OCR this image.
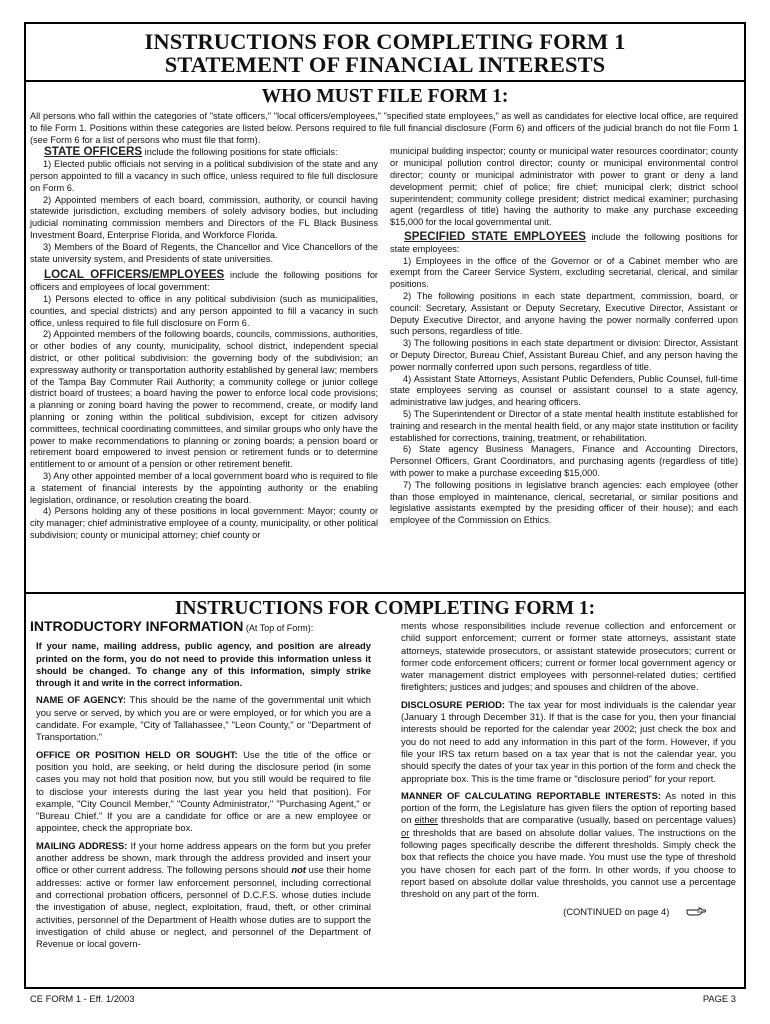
INSTRUCTIONS FOR COMPLETING FORM 1
STATEMENT OF FINANCIAL INTERESTS
WHO MUST FILE FORM 1:
All persons who fall within the categories of "state officers," "local officers/employees," "specified state employees," as well as candidates for elective local office, are required to file Form 1. Positions within these categories are listed below. Persons required to file full financial disclosure (Form 6) and officers of the judicial branch do not file Form 1 (see Form 6 for a list of persons who must file that form).

STATE OFFICERS include the following positions for state officials:

1) Elected public officials not serving in a political subdivision of the state and any person appointed to fill a vacancy in such office, unless required to file full disclosure on Form 6.

2) Appointed members of each board, commission, authority, or council having statewide jurisdiction, excluding members of solely advisory bodies, but including judicial nominating commission members and Directors of the FL Black Business Investment Board, Enterprise Florida, and Workforce Florida.

3) Members of the Board of Regents, the Chancellor and Vice Chancellors of the state university system, and Presidents of state universities.

LOCAL OFFICERS/EMPLOYEES include the following positions for officers and employees of local government:

1) Persons elected to office in any political subdivision (such as municipalities, counties, and special districts) and any person appointed to fill a vacancy in such office, unless required to file full disclosure on Form 6.

2) Appointed members of the following boards, councils, commissions, authorities, or other bodies of any county, municipality, school district, independent special district, or other political subdivision: the governing body of the subdivision; an expressway authority or transportation authority established by general law; members of the Tampa Bay Commuter Rail Authority; a community college or junior college district board of trustees; a board having the power to enforce local code provisions; a planning or zoning board having the power to recommend, create, or modify land planning or zoning within the political subdivision, except for citizen advisory committees, technical coordinating committees, and similar groups who only have the power to make recommendations to planning or zoning boards; a pension board or retirement board empowered to invest pension or retirement funds or to determine entitlement to or amount of a pension or other retirement benefit.

3) Any other appointed member of a local government board who is required to file a statement of financial interests by the appointing authority or the enabling legislation, ordinance, or resolution creating the board.

4) Persons holding any of these positions in local government: Mayor; county or city manager; chief administrative employee of a county, municipality, or other political subdivision; county or municipal attorney; chief county or

municipal building inspector; county or municipal water resources coordinator; county or municipal pollution control director; county or municipal environmental control director; county or municipal administrator with power to grant or deny a land development permit; chief of police; fire chief; municipal clerk; district school superintendent; community college president; district medical examiner; purchasing agent (regardless of title) having the authority to make any purchase exceeding $15,000 for the local governmental unit.

SPECIFIED STATE EMPLOYEES include the following positions for state employees:

1) Employees in the office of the Governor or of a Cabinet member who are exempt from the Career Service System, excluding secretarial, clerical, and similar positions.

2) The following positions in each state department, commission, board, or council: Secretary, Assistant or Deputy Secretary, Executive Director, Assistant or Deputy Executive Director, and anyone having the power normally conferred upon such persons, regardless of title.

3) The following positions in each state department or division: Director, Assistant or Deputy Director, Bureau Chief, Assistant Bureau Chief, and any person having the power normally conferred upon such persons, regardless of title.

4) Assistant State Attorneys, Assistant Public Defenders, Public Counsel, full-time state employees serving as counsel or assistant counsel to a state agency, administrative law judges, and hearing officers.

5) The Superintendent or Director of a state mental health institute established for training and research in the mental health field, or any major state institution or facility established for corrections, training, treatment, or rehabilitation.

6) State agency Business Managers, Finance and Accounting Directors, Personnel Officers, Grant Coordinators, and purchasing agents (regardless of title) with power to make a purchase exceeding $15,000.

7) The following positions in legislative branch agencies: each employee (other than those employed in maintenance, clerical, secretarial, or similar positions and legislative assistants exempted by the presiding officer of their house); and each employee of the Commission on Ethics.

INSTRUCTIONS FOR COMPLETING FORM 1:

INTRODUCTORY INFORMATION (At Top of Form):

If your name, mailing address, public agency, and position are already printed on the form, you do not need to provide this information unless it should be changed. To change any of this information, simply strike through it and write in the correct information.

NAME OF AGENCY: This should be the name of the governmental unit which you serve or served, by which you are or were employed, or for which you are a candidate. For example, "City of Tallahassee," "Leon County," or "Department of Transportation."

OFFICE OR POSITION HELD OR SOUGHT: Use the title of the office or position you hold, are seeking, or held during the disclosure period (in some cases you may not hold that position now, but you still would be required to file to disclose your interests during the last year you held that position). For example, "City Council Member," "County Administrator," "Purchasing Agent," or "Bureau Chief." If you are a candidate for office or are a new employee or appointee, check the appropriate box.

MAILING ADDRESS: If your home address appears on the form but you prefer another address be shown, mark through the address provided and insert your office or other current address. The following persons should not use their home addresses: active or former law enforcement personnel, including correctional and correctional probation officers, personnel of D.C.F.S. whose duties include the investigation of abuse, neglect, exploitation, fraud, theft, or other criminal activities, personnel of the Department of Health whose duties are to support the investigation of child abuse or neglect, and personnel of the Department of Revenue or local govern-

ments whose responsibilities include revenue collection and enforcement or child support enforcement; current or former state attorneys, assistant state attorneys, statewide prosecutors, or assistant statewide prosecutors; current or former code enforcement officers; current or former local government agency or water management district employees with personnel-related duties; certified firefighters; justices and judges; and spouses and children of the above.

DISCLOSURE PERIOD: The tax year for most individuals is the calendar year (January 1 through December 31). If that is the case for you, then your financial interests should be reported for the calendar year 2002; just check the box and you do not need to add any information in this part of the form. However, if you file your IRS tax return based on a tax year that is not the calendar year, you should specify the dates of your tax year in this portion of the form and check the appropriate box. This is the time frame or "disclosure period" for your report.

MANNER OF CALCULATING REPORTABLE INTERESTS: As noted in this portion of the form, the Legislature has given filers the option of reporting based on either thresholds that are comparative (usually, based on percentage values) or thresholds that are based on absolute dollar values. The instructions on the following pages specifically describe the different thresholds. Simply check the box that reflects the choice you have made. You must use the type of threshold you have chosen for each part of the form. In other words, if you choose to report based on absolute dollar value thresholds, you cannot use a percentage threshold on any part of the form.

(CONTINUED on page 4)

CE FORM 1 - Eff. 1/2003	PAGE 3
